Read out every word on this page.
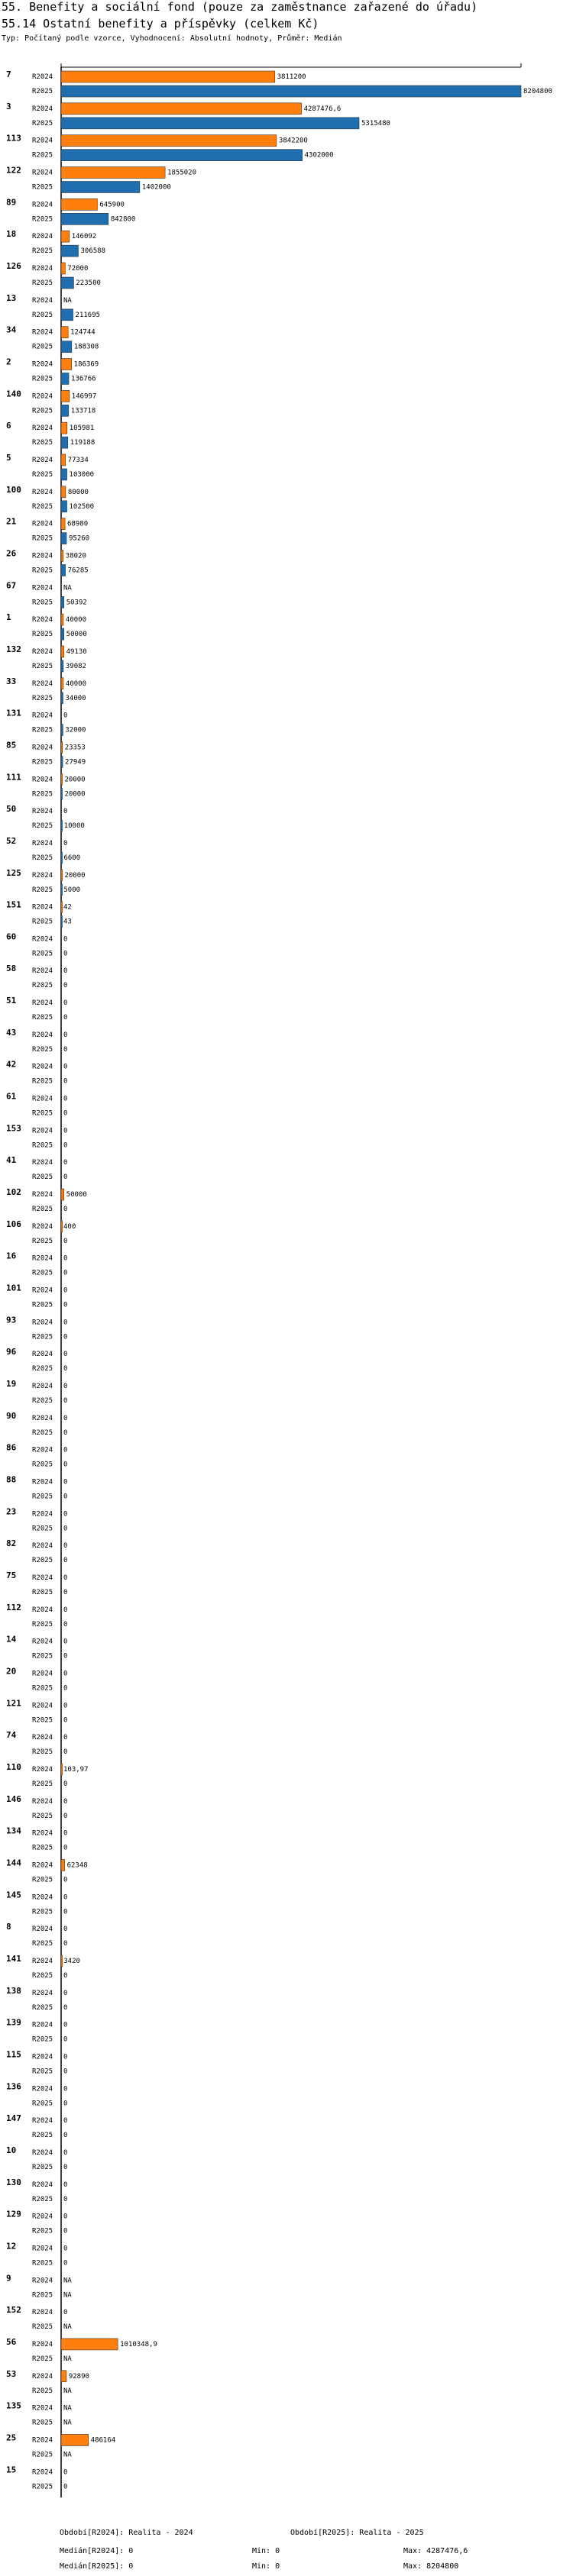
55. Benefity a sociální fond (pouze za zaměstnance zařazené do úřadu)
55.14 Ostatní benefity a příspěvky (celkem Kč)
Typ: Počítaný podle vzorce, Vyhodnocení: Absolutní hodnoty, Průměr: Medián
7	R2024	3811200
R2025	8204800
3	R2024	4287476,6
R2025	5315480
113 R2024	3842200
R2025	4302000
122 R2024	1855020
R2025	1402000
89 R2024	645900
R2025	842800
18 R2024	146092
R2025	306588
126 R2024 72000
R2025	223500
13 R2024 NA
R2025	211695
34 R2024	124744
R2025	188308
2	R2024	186369
R2025	136766
140 R2024	146997
R2025	133718
6	R2024 105981
R2025	119188
5	R2024 77334
R2025 103000
100 R2024 80000
R2025 102500
21 R2024 68980
R2025 95260
26 R2024 38020
R2025 76285
67 R2024 NA
R2025 50392
1	R2024 40000
R2025 50000
132 R2024 49130
R2025 39082
33 R2024 40000
R2025 34000
131 R2024 0
R2025 32000
85 R2024 23353
R2025 27949
111 R2024 20000
R2025 20000
50 R2024 0
R2025 10000
52 R2024 0
R2025 6600
125 R2024 20000
R2025 5000
151 R2024 42
R2025 43
60 R2024 0
R2025 0
58 R2024 0
R2025 0
51 R2024 0
R2025 0
43 R2024 0
R2025 0
42 R2024 0
R2025 0
61 R2024 0
R2025 0
153 R2024 0
R2025 0
41 R2024 0
R2025 0
102 R2024 50000
R2025 0
106 R2024 400
R2025 0
16 R2024 0
R2025 0
101 R2024 0
R2025 0
93 R2024 0
R2025 0
96 R2024 0
R2025 0
19 R2024 0
R2025 0
90 R2024 0
R2025 0
86 R2024 0
R2025 0
88 R2024 0
R2025 0
23 R2024 0
R2025 0
82 R2024 0
R2025 0
75 R2024 0
R2025 0
112 R2024 0
R2025 0
14 R2024 0
R2025 0
20 R2024 0
R2025 0
121 R2024 0
R2025 0
74 R2024 0
R2025 0
110 R2024 103,97
R2025 0
146 R2024 0
R2025 0
134 R2024 0
R2025 0
144 R2024 62348
R2025 0
145 R2024 0
R2025 0
8	R2024 0
R2025 0
141 R2024 3420
R2025 0
138 R2024 0
R2025 0
139 R2024 0
R2025 0
115 R2024 0
R2025 0
136 R2024 0
R2025 0
147 R2024 0
R2025 0
10 R2024 0
R2025 0
130 R2024 0
R2025 0
129 R2024 0
R2025 0
12 R2024 0
R2025 0
9	R2024 NA
R2025 NA
152 R2024 0
R2025 NA
56 R2024	1010348,9
R2025 NA
53 R2024 92890
R2025 NA
135 R2024 NA
R2025 NA
25 R2024	486164
R2025 NA
15 R2024 0
R2025 0
Období[R2024]: Realita - 2024	Období[R2025]: Realita - 2025
Medián[R2024]: 0	Min: 0	Max: 4287476,6
Medián[R2025]: 0	Min: 0	Max: 8204800
